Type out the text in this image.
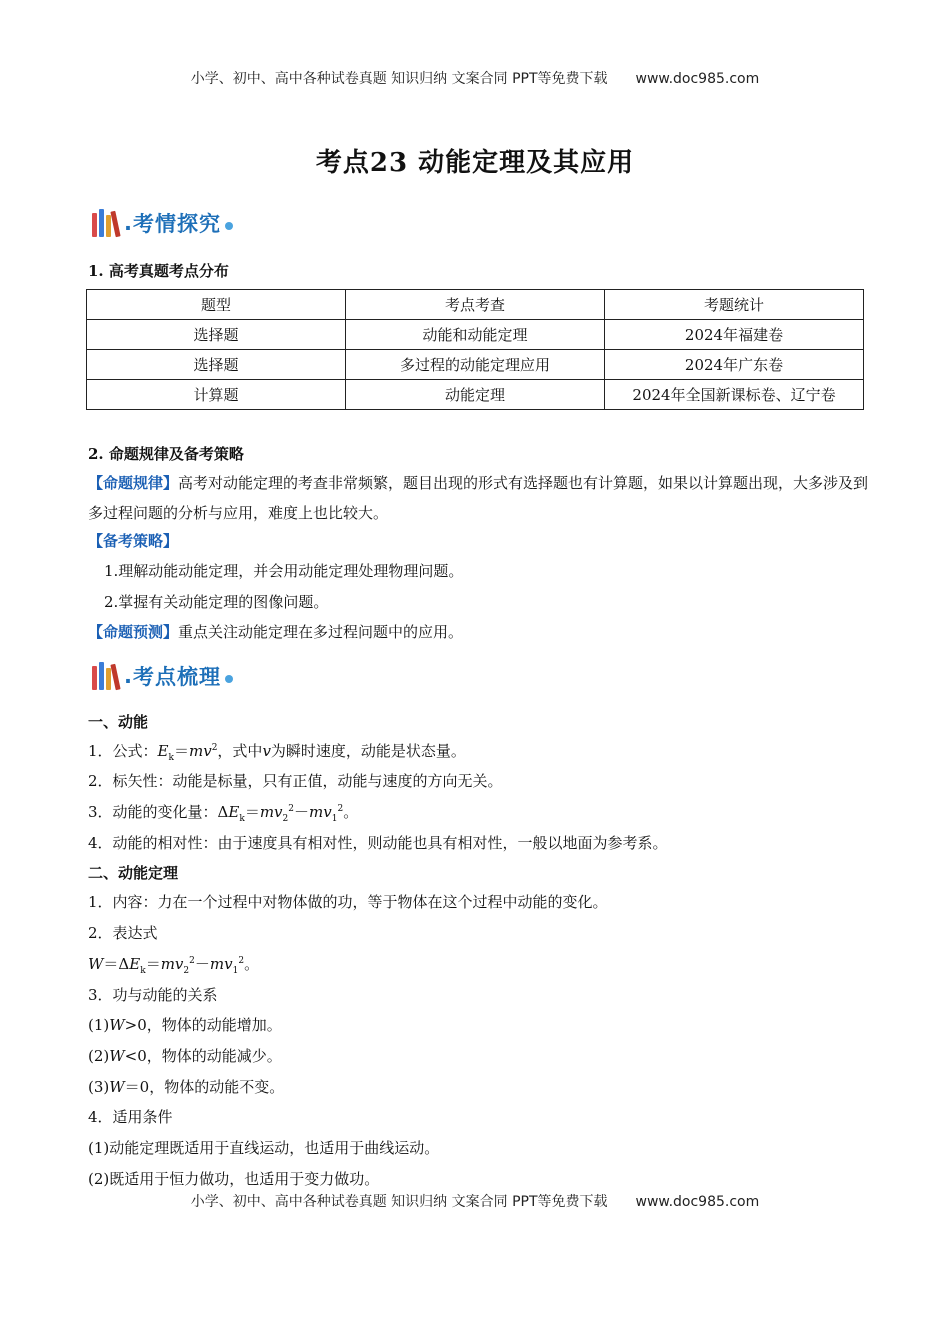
小学、初中、高中各种试卷真题 知识归纳 文案合同 PPT等免费下载 www.doc985.com
考点23 动能定理及其应用
. 考情探究
1. 高考真题考点分布
题型	考点考查	考题统计
选择题	动能和动能定理	2024年福建卷
选择题	多过程的动能定理应用	2024年广东卷
计算题	动能定理	2024年全国新课标卷、辽宁卷
2. 命题规律及备考策略
【命题规律】高考对动能定理的考查非常频繁，题目出现的形式有选择题也有计算题，如果以计算题出现，大多涉及到多过程问题的分析与应用，难度上也比较大。
【备考策略】
1.理解动能动能定理，并会用动能定理处理物理问题。
2.掌握有关动能定理的图像问题。
【命题预测】重点关注动能定理在多过程问题中的应用。
. 考点梳理
一、动能
1．公式：$E_k=mv^2$，式中v为瞬时速度，动能是状态量。
2．标矢性：动能是标量，只有正值，动能与速度的方向无关。
3．动能的变化量：$\Delta E_k=mv_2^2-mv_1^2$。
4．动能的相对性：由于速度具有相对性，则动能也具有相对性，一般以地面为参考系。
二、动能定理
1．内容：力在一个过程中对物体做的功，等于物体在这个过程中动能的变化。
2．表达式
$W=\Delta E_k=mv_2^2-mv_1^2$。
3．功与动能的关系
(1)W>0，物体的动能增加。
(2)W<0，物体的动能减少。
(3)W＝0，物体的动能不变。
4．适用条件
(1)动能定理既适用于直线运动，也适用于曲线运动。
(2)既适用于恒力做功，也适用于变力做功。
小学、初中、高中各种试卷真题 知识归纳 文案合同 PPT等免费下载 www.doc985.com
